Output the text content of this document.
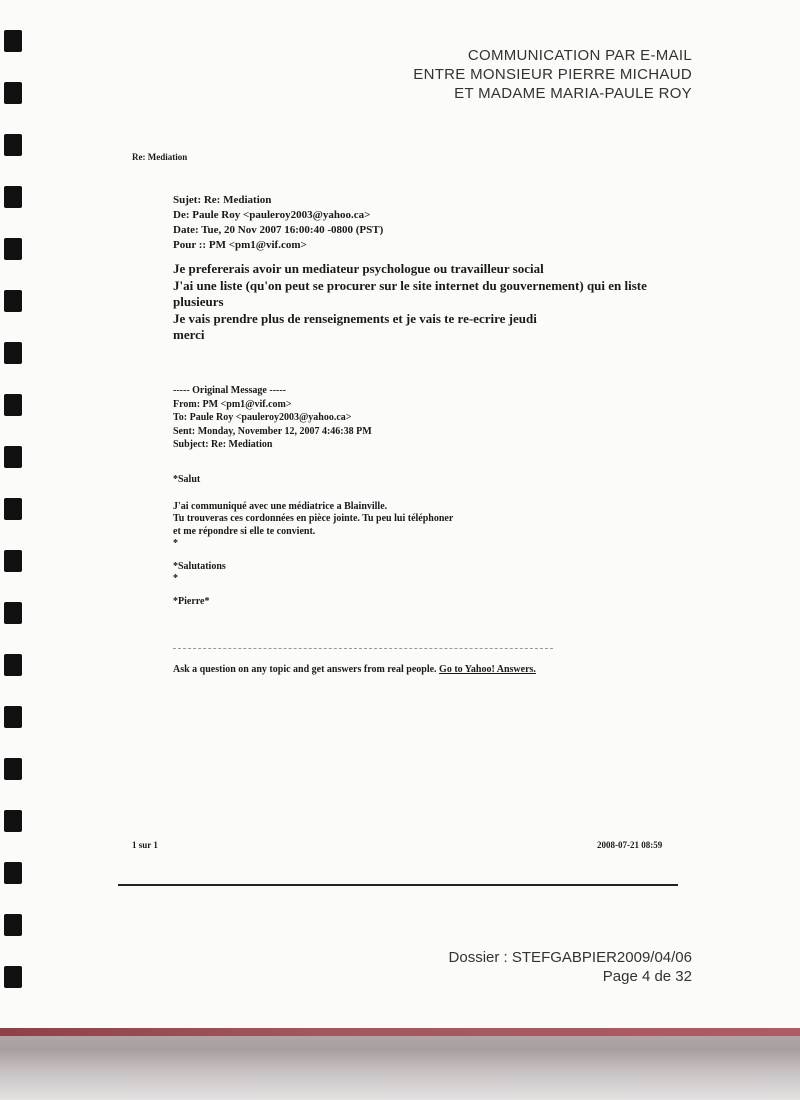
COMMUNICATION PAR E-MAIL
ENTRE MONSIEUR PIERRE MICHAUD
ET MADAME MARIA-PAULE ROY
Re: Mediation
Sujet: Re: Mediation
De: Paule Roy <pauleroy2003@yahoo.ca>
Date: Tue, 20 Nov 2007 16:00:40 -0800 (PST)
Pour :: PM <pm1@vif.com>
Je prefererais avoir un mediateur psychologue ou travailleur social
J'ai une liste (qu'on peut se procurer sur le site internet du gouvernement) qui en liste
plusieurs
Je vais prendre plus de renseignements et je vais te re-ecrire jeudi
merci
----- Original Message -----
From: PM <pm1@vif.com>
To: Paule Roy <pauleroy2003@yahoo.ca>
Sent: Monday, November 12, 2007 4:46:38 PM
Subject: Re: Mediation
*Salut
J'ai communiqué avec une médiatrice a Blainville.
Tu trouveras ces cordonnées en pièce jointe. Tu peu lui téléphoner
et me répondre si elle te convient.
*
*Salutations
*
*Pierre*
Ask a question on any topic and get answers from real people. Go to Yahoo! Answers.
1 sur 1	2008-07-21 08:59
Dossier : STEFGABPIER2009/04/06
Page 4 de 32
